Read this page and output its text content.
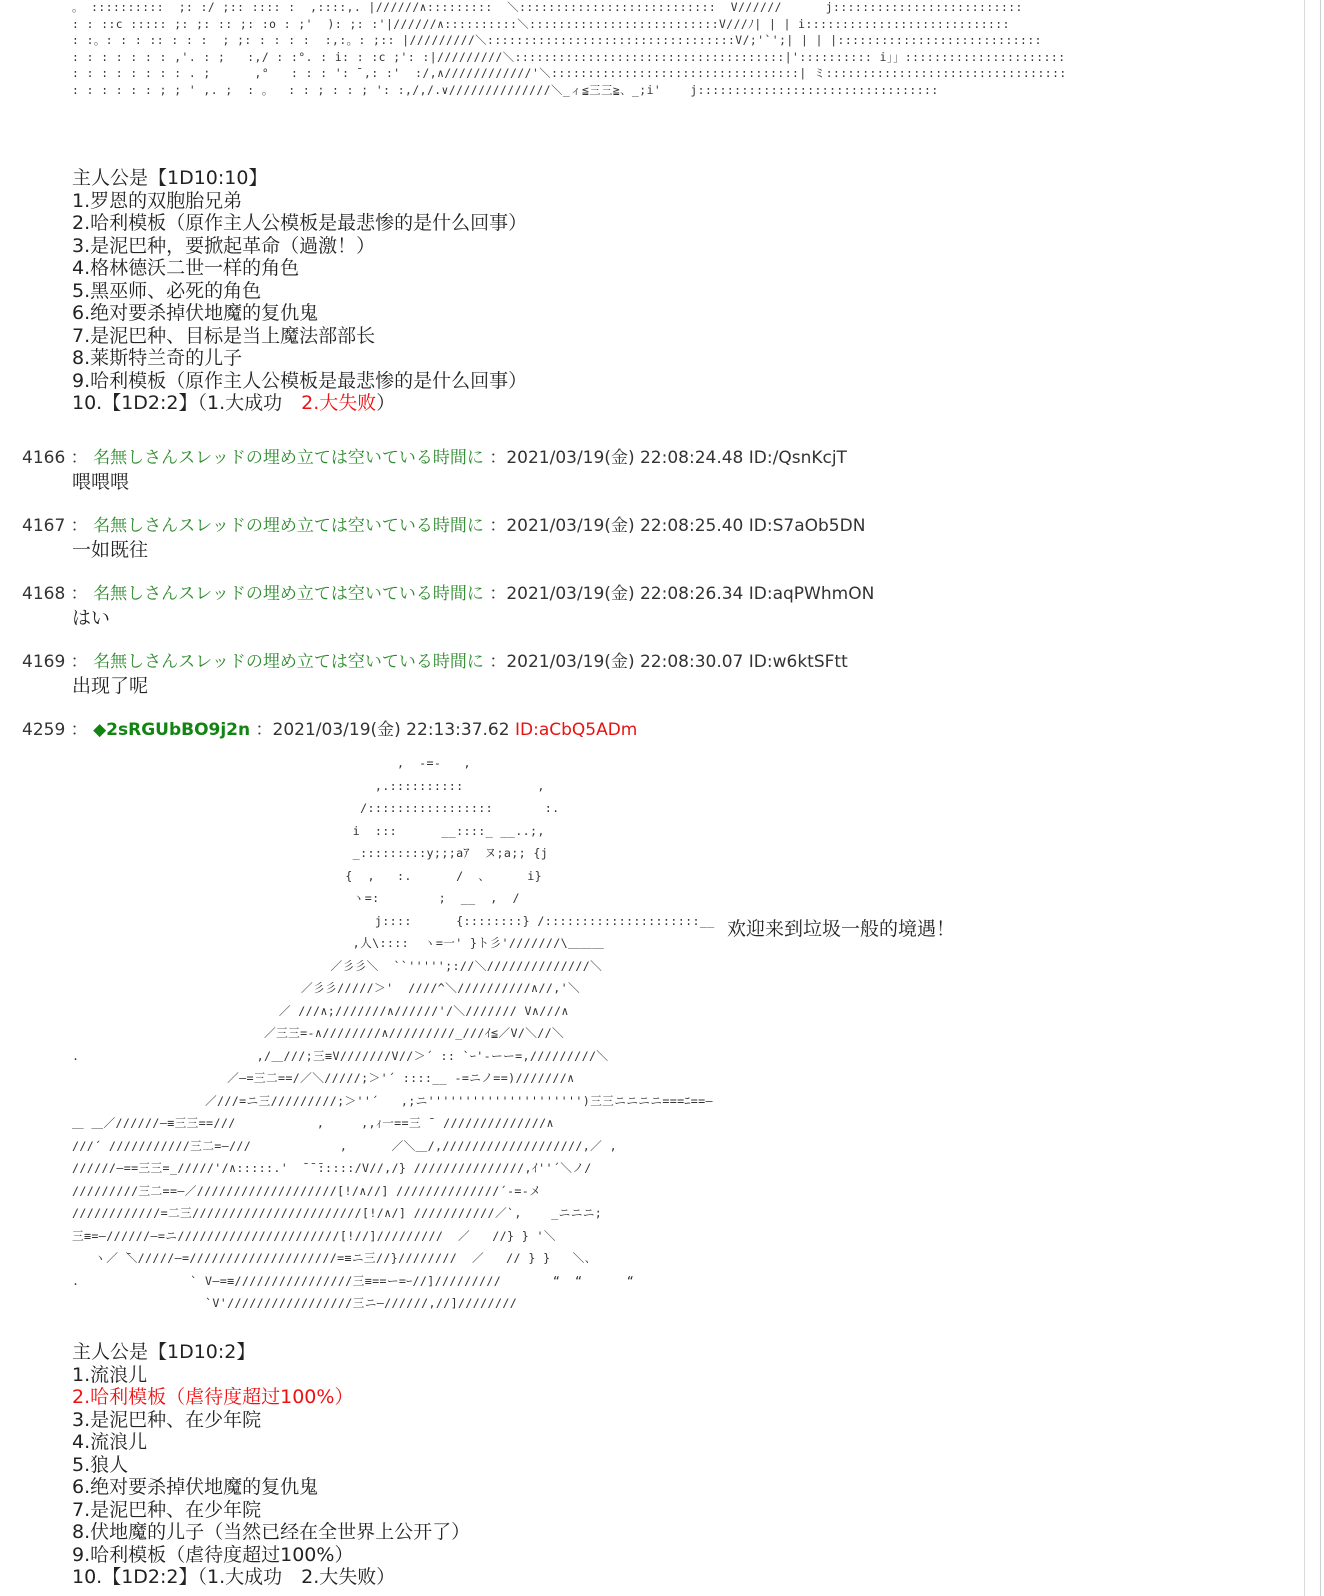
。 ::::::::::  ;: :/ ;:: :::: :  ,::::,. |//////∧:::::::::  ＼:::::::::::::::::::::::::::  V//////      j::::::::::::::::::::::::::
: : ::c ::::: ;: ;: :: ;: :o : ;'  ): ;: :'|//////∧::::::::::＼::::::::::::::::::::::::::V///ﾉ| | | i::::::::::::::::::::::::::::
: :。: : : :: : : :  ; ;: : : : :  :,:。: ;:: |/////////＼::::::::::::::::::::::::::::::::::V/;'`';| | | |::::::::::::::::::::::::::::
: : : : : : : ,'. : ;   :,/ : :°. : i: : :c ;': :|/////////＼:::::::::::::::::::::::::::::::::::::|':::::::::: i」」::::::::::::::::::::::
: : : : : : : : . ;      ,°   : : : ': ̄ ,: :'  :/,∧////////////'＼::::::::::::::::::::::::::::::::::| ミ:::::::::::::::::::::::::::::::::
: : : : : : ; ; ' ,. ;  : 。  : : ; : : ; ': :,/,/.∨//////////////＼_ィ≦三三≧、_;i'    j:::::::::::::::::::::::::::::::::
主人公是【1D10:10】
1.罗恩的双胞胎兄弟
2.哈利模板（原作主人公模板是最悲惨的是什么回事）
3.是泥巴种，要掀起革命（過激！）
4.格林德沃二世一样的角色
5.黑巫师、必死的角色
6.绝对要杀掉伏地魔的复仇鬼
7.是泥巴种、目标是当上魔法部部长
8.莱斯特兰奇的儿子
9.哈利模板（原作主人公模板是最悲惨的是什么回事）
10.【1D2:2】（1.大成功　2.大失败）
4166 ： 名無しさんスレッドの埋め立ては空いている時間に ：2021/03/19(金) 22:08:24.48 ID:/QsnKcjT
喂喂喂
4167 ： 名無しさんスレッドの埋め立ては空いている時間に ：2021/03/19(金) 22:08:25.40 ID:S7aOb5DN
一如既往
4168 ： 名無しさんスレッドの埋め立ては空いている時間に ：2021/03/19(金) 22:08:26.34 ID:aqPWhmON
はい
4169 ： 名無しさんスレッドの埋め立ては空いている時間に ：2021/03/19(金) 22:08:30.07 ID:w6ktSFtt
出现了呢
4259 ： ◆2sRGUbBO9j2n ：2021/03/19(金) 22:13:37.62 ID:aCbQ5ADm
,  -=-   ,
,.::::::::::          ,
/:::::::::::::::::       :.
i  :::      __::::_ __..;,
_:::::::::y;;;aｱ  ヌ;a;; {j
{  ,   :.      /  、     i}
ヽ=:        ;  __  ,  /
j::::      {::::::::} /:::::::::::::::::::::__
,人\::::  ヽ=一' }ト彡'///////\＿＿＿
／彡彡＼  ``''''';://＼//////////////＼
／彡彡/////＞'  ////^＼//////////∧//,'＼
／ ///∧;///////∧//////'/＼/////// V∧///∧
／三三=-∧////////∧/////////_///ｲ≦／V/＼//＼
.                        ,/＿///;三≡V///////V//＞´ :: `ｰ'-ーー=,/////////＼
／―=三二==/／＼/////;＞'´ ::::__ -=ニノ==)///////∧
／///=ニ三/////////;＞''´   ,;ニ''''''''''''''''''''')三三ニニニニ===ﾆ==—
＿ ＿／//////―≡三三==///           ,     ,,ｨ一==三 ¯ //////////////∧
///´ ///////////三二=―///            ,      ／＼＿/,///////////////////,／ ,
//////―==三三=_/////'/∧:::::.'  ̄ ̄ ̄:::::/V//,/} ///////////////,ｲ''´＼ノ/
/////////三二==―／///////////////////[!/∧//] //////////////´-=-メ
////////////=二三///////////////////////[!/∧/] ///////////／`,    _ニニニ;
三≡=―//////―=ニ//////////////////////[!//]/////////  ／   //} } '＼
ヽ／ ̄＼/////―=////////////////////=≡ニ三//}////////  ／   // } }   ＼、
.               ` V―=≡////////////////三≡==ー=ｰ//]/////////       “  “      “
`V'/////////////////三ニ―//////,//]////////
欢迎来到垃圾一般的境遇！
主人公是【1D10:2】
1.流浪儿
2.哈利模板（虐待度超过100%）
3.是泥巴种、在少年院
4.流浪儿
5.狼人
6.绝对要杀掉伏地魔的复仇鬼
7.是泥巴种、在少年院
8.伏地魔的儿子（当然已经在全世界上公开了）
9.哈利模板（虐待度超过100%）
10.【1D2:2】（1.大成功　2.大失败）
